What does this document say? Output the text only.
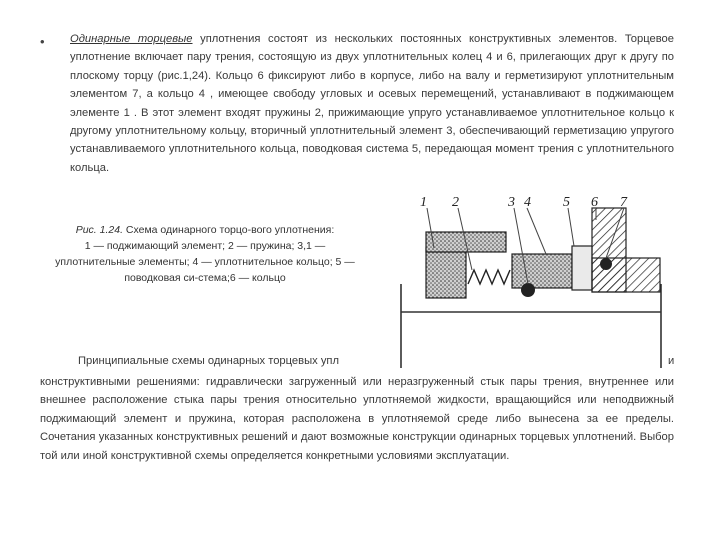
• Одинарные торцевые уплотнения состоят из нескольких постоянных конструктивных элементов. Торцевое уплотнение включает пару трения, состоящую из двух уплотнительных колец 4 и 6, прилегающих друг к другу по плоскому торцу (рис.1,24). Кольцо 6 фиксируют либо в корпусе, либо на валу и герметизируют уплотнительным элементом 7, а кольцо 4 , имеющее свободу угловых и осевых перемещений, устанавливают в поджимающем элементе 1 . В этот элемент входят пружины 2, прижимающие упруго устанавливаемое уплотнительное кольцо к другому уплотнительному кольцу, вторичный уплотнительный элемент 3, обеспечивающий герметизацию упругого устанавливаемого уплотнительного кольца, поводковая система 5, передающая момент трения с уплотнительного кольца.
Рис. 1.24. Схема одинарного торцо-вого уплотнения:
1 — поджимающий элемент; 2 — пружина; 3,1 —
уплотнительные элементы; 4 — уплотнительное кольцо; 5 —
поводковая си-стема;6 — кольцо
1 2	3 4 5 6 7
Принципиальные схемы одинарных торцевых упл	и
конструктивными решениями: гидравлически загруженный или неразгруженный стык пары трения, внутреннее или внешнее расположение стыка пары трения относительно уплотняемой жидкости, вращающийся или неподвижный поджимающий элемент и пружина, которая расположена в уплотняемой среде либо вынесена за ее пределы. Сочетания указанных конструктивных решений и дают возможные конструкции одинарных торцевых уплотнений. Выбор той или иной конструктивной схемы определяется конкретными условиями эксплуатации.
